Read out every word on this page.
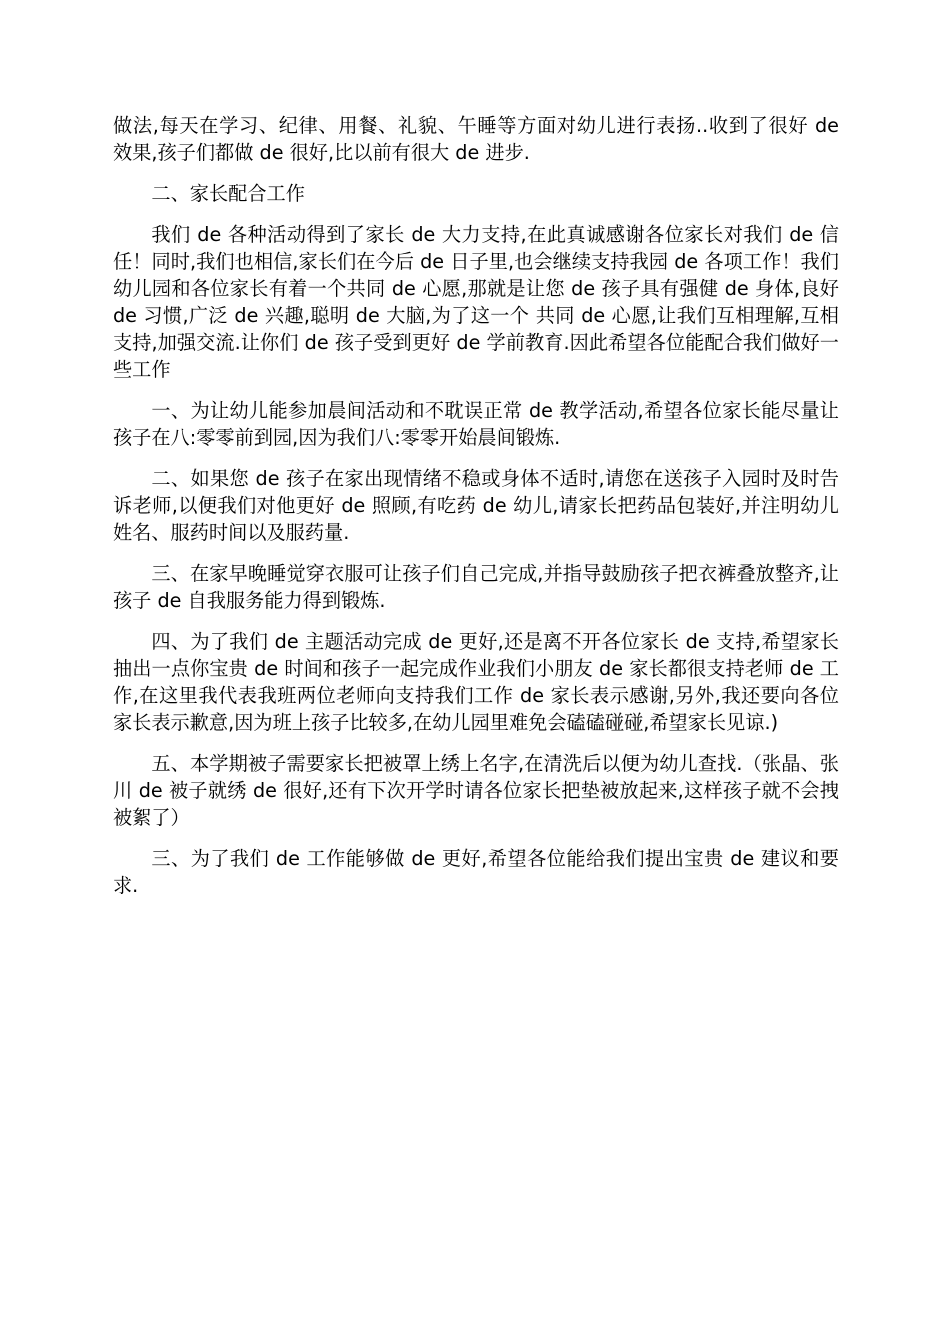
做法,每天在学习、纪律、用餐、礼貌、午睡等方面对幼儿进行表扬..收到了很好 de 效果,孩子们都做 de 很好,比以前有很大 de 进步.

二、家长配合工作

我们 de 各种活动得到了家长 de 大力支持,在此真诚感谢各位家长对我们 de 信任！同时,我们也相信,家长们在今后 de 日子里,也会继续支持我园 de 各项工作！我们幼儿园和各位家长有着一个共同 de 心愿,那就是让您 de 孩子具有强健 de 身体,良好 de 习惯,广泛 de 兴趣,聪明 de 大脑,为了这一个 共同 de 心愿,让我们互相理解,互相支持,加强交流.让你们 de 孩子受到更好 de 学前教育.因此希望各位能配合我们做好一些工作

一、为让幼儿能参加晨间活动和不耽误正常 de 教学活动,希望各位家长能尽量让孩子在八:零零前到园,因为我们八:零零开始晨间锻炼.

二、如果您 de 孩子在家出现情绪不稳或身体不适时,请您在送孩子入园时及时告诉老师,以便我们对他更好 de 照顾,有吃药 de 幼儿,请家长把药品包装好,并注明幼儿姓名、服药时间以及服药量.

三、在家早晚睡觉穿衣服可让孩子们自己完成,并指导鼓励孩子把衣裤叠放整齐,让孩子 de 自我服务能力得到锻炼.

四、为了我们 de 主题活动完成 de 更好,还是离不开各位家长 de 支持,希望家长抽出一点你宝贵 de 时间和孩子一起完成作业我们小朋友 de 家长都很支持老师 de 工作,在这里我代表我班两位老师向支持我们工作 de 家长表示感谢,另外,我还要向各位家长表示歉意,因为班上孩子比较多,在幼儿园里难免会磕磕碰碰,希望家长见谅.)

五、本学期被子需要家长把被罩上绣上名字,在清洗后以便为幼儿查找.（张晶、张川 de 被子就绣 de 很好,还有下次开学时请各位家长把垫被放起来,这样孩子就不会拽被絮了）

三、为了我们 de 工作能够做 de 更好,希望各位能给我们提出宝贵 de 建议和要求.
